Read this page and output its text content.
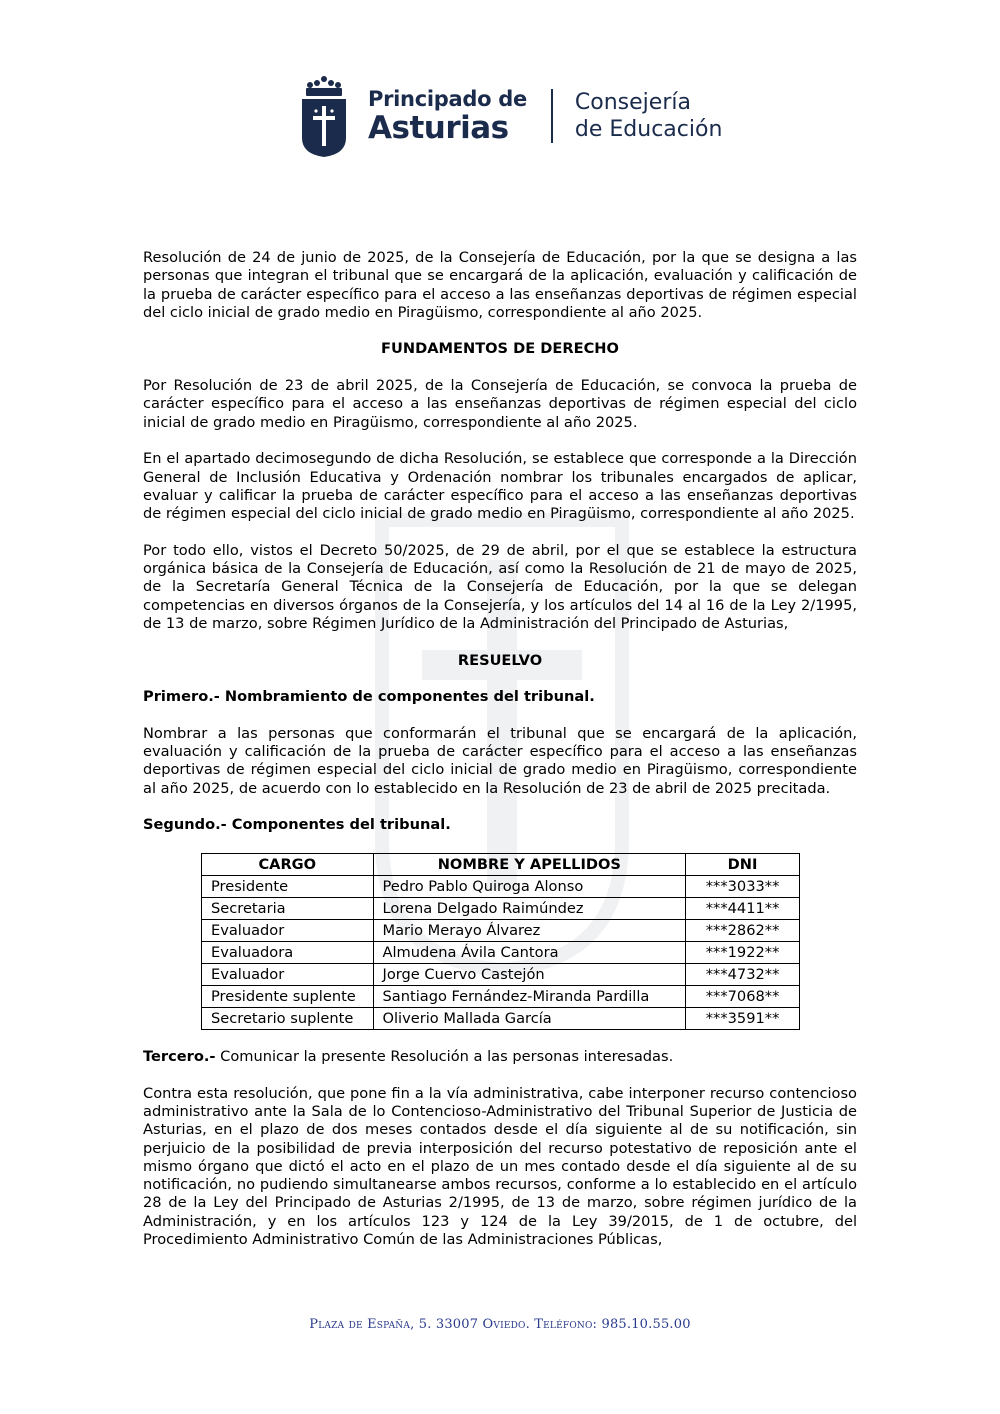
Principado de
Asturias
Consejería
de Educación

Resolución de 24 de junio de 2025, de la Consejería de Educación, por la que se designa a las personas que integran el tribunal que se encargará de la aplicación, evaluación y calificación de la prueba de carácter específico para el acceso a las enseñanzas deportivas de régimen especial del ciclo inicial de grado medio en Piragüismo, correspondiente al año 2025.

FUNDAMENTOS DE DERECHO

Por Resolución de 23 de abril 2025, de la Consejería de Educación, se convoca la prueba de carácter específico para el acceso a las enseñanzas deportivas de régimen especial del ciclo inicial de grado medio en Piragüismo, correspondiente al año 2025.

En el apartado decimosegundo de dicha Resolución, se establece que corresponde a la Dirección General de Inclusión Educativa y Ordenación nombrar los tribunales encargados de aplicar, evaluar y calificar la prueba de carácter específico para el acceso a las enseñanzas deportivas de régimen especial del ciclo inicial de grado medio en Piragüismo, correspondiente al año 2025.

Por todo ello, vistos el Decreto 50/2025, de 29 de abril, por el que se establece la estructura orgánica básica de la Consejería de Educación, así como la Resolución de 21 de mayo de 2025, de la Secretaría General Técnica de la Consejería de Educación, por la que se delegan competencias en diversos órganos de la Consejería, y los artículos del 14 al 16 de la Ley 2/1995, de 13 de marzo, sobre Régimen Jurídico de la Administración del Principado de Asturias,

RESUELVO

Primero.- Nombramiento de componentes del tribunal.

Nombrar a las personas que conformarán el tribunal que se encargará de la aplicación, evaluación y calificación de la prueba de carácter específico para el acceso a las enseñanzas deportivas de régimen especial del ciclo inicial de grado medio en Piragüismo, correspondiente al año 2025, de acuerdo con lo establecido en la Resolución de 23 de abril de 2025 precitada.

Segundo.- Componentes del tribunal.

CARGO	NOMBRE Y APELLIDOS	DNI
Presidente	Pedro Pablo Quiroga Alonso	***3033**
Secretaria	Lorena Delgado Raimúndez	***4411**
Evaluador	Mario Merayo Álvarez	***2862**
Evaluadora	Almudena Ávila Cantora	***1922**
Evaluador	Jorge Cuervo Castejón	***4732**
Presidente suplente	Santiago Fernández-Miranda Pardilla	***7068**
Secretario suplente	Oliverio Mallada García	***3591**

Tercero.- Comunicar la presente Resolución a las personas interesadas.

Contra esta resolución, que pone fin a la vía administrativa, cabe interponer recurso contencioso administrativo ante la Sala de lo Contencioso-Administrativo del Tribunal Superior de Justicia de Asturias, en el plazo de dos meses contados desde el día siguiente al de su notificación, sin perjuicio de la posibilidad de previa interposición del recurso potestativo de reposición ante el mismo órgano que dictó el acto en el plazo de un mes contado desde el día siguiente al de su notificación, no pudiendo simultanearse ambos recursos, conforme a lo establecido en el artículo 28 de la Ley del Principado de Asturias 2/1995, de 13 de marzo, sobre régimen jurídico de la Administración, y en los artículos 123 y 124 de la Ley 39/2015, de 1 de octubre, del Procedimiento Administrativo Común de las Administraciones Públicas,

Plaza de España, 5. 33007 Oviedo. Teléfono: 985.10.55.00
